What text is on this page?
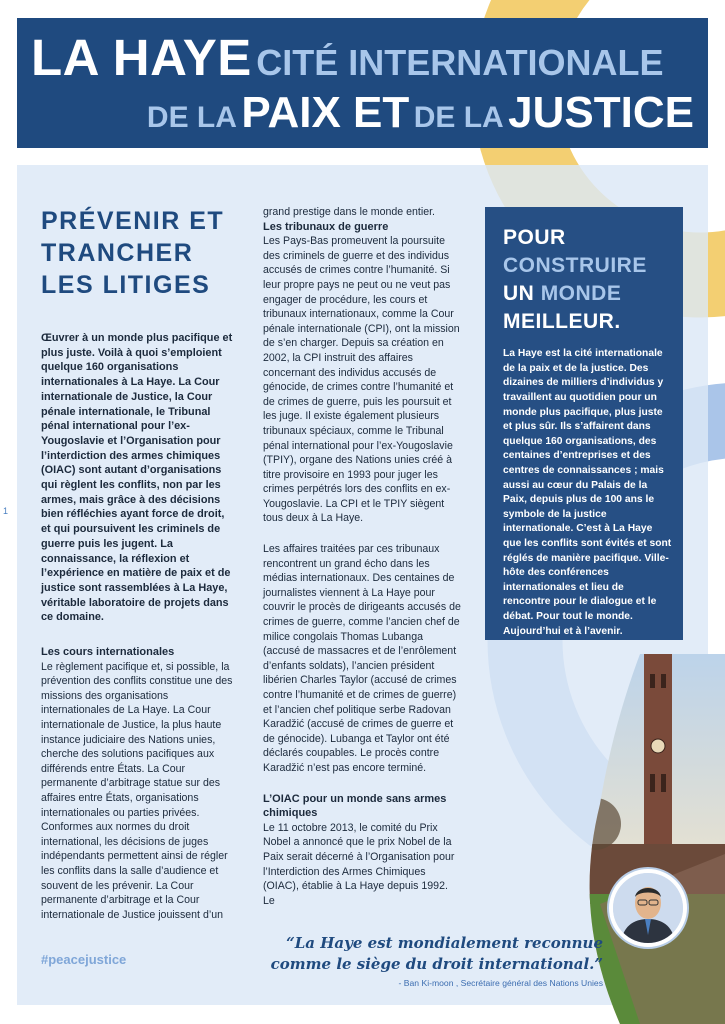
1
LA HAYE CITÉ INTERNATIONALE
DE LA PAIX ET DE LA JUSTICE
PRÉVENIR ET
TRANCHER
LES LITIGES

Œuvrer à un monde plus pacifique et plus juste. Voilà à quoi s’emploient quelque 160 organisations internationales à La Haye. La Cour internationale de Justice, la Cour pénale internationale, le Tribunal pénal international pour l’ex-Yougoslavie et l’Organisation pour l’interdiction des armes chimiques (OIAC) sont autant d’organisations qui règlent les conflits, non par les armes, mais grâce à des décisions bien réfléchies ayant force de droit, et qui poursuivent les criminels de guerre puis les jugent. La connaissance, la réflexion et l’expérience en matière de paix et de justice sont rassemblées à La Haye, véritable laboratoire de projets dans ce domaine.

Les cours internationales

Le règlement pacifique et, si possible, la prévention des conflits constitue une des missions des organisations internationales de La Haye. La Cour internationale de Justice, la plus haute instance judiciaire des Nations unies, cherche des solutions pacifiques aux différends entre États. La Cour permanente d’arbitrage statue sur des affaires entre États, organisations internationales ou parties privées. Conformes aux normes du droit international, les décisions de juges indépendants permettent ainsi de régler les conflits dans la salle d’audience et souvent de les prévenir. La Cour permanente d’arbitrage et la Cour internationale de Justice jouissent d’un

grand prestige dans le monde entier.

Les tribunaux de guerre

Les Pays-Bas promeuvent la poursuite des criminels de guerre et des individus accusés de crimes contre l’humanité. Si leur propre pays ne peut ou ne veut pas engager de procédure, les cours et tribunaux internationaux, comme la Cour pénale internationale (CPI), ont la mission de s’en charger. Depuis sa création en 2002, la CPI instruit des affaires concernant des individus accusés de génocide, de crimes contre l’humanité et de crimes de guerre, puis les poursuit et les juge. Il existe également plusieurs tribunaux spéciaux, comme le Tribunal pénal international pour l’ex-Yougoslavie (TPIY), organe des Nations unies créé à titre provisoire en 1993 pour juger les crimes perpétrés lors des conflits en ex-Yougoslavie. La CPI et le TPIY siègent tous deux à La Haye.

Les affaires traitées par ces tribunaux rencontrent un grand écho dans les médias internationaux. Des centaines de journalistes viennent à La Haye pour couvrir le procès de dirigeants accusés de crimes de guerre, comme l’ancien chef de milice congolais Thomas Lubanga (accusé de massacres et de l’enrôlement d’enfants soldats), l’ancien président libérien Charles Taylor (accusé de crimes contre l’humanité et de crimes de guerre) et l’ancien chef politique serbe Radovan Karadžić (accusé de crimes de guerre et de génocide). Lubanga et Taylor ont été déclarés coupables. Le procès contre Karadžić n’est pas encore terminé.

L’OIAC pour un monde sans armes chimiques

Le 11 octobre 2013, le comité du Prix Nobel a annoncé que le prix Nobel de la Paix serait décerné à l’Organisation pour l’Interdiction des Armes Chimiques (OIAC), établie à La Haye depuis 1992. Le

POUR
CONSTRUIRE
UN MONDE
MEILLEUR.

La Haye est la cité internationale de la paix et de la justice. Des dizaines de milliers d’individus y travaillent au quotidien pour un monde plus pacifique, plus juste et plus sûr. Ils s’affairent dans quelque 160 organisations, des centaines d’entreprises et des centres de connaissances ; mais aussi au cœur du Palais de la Paix, depuis plus de 100 ans le symbole de la justice internationale. C’est à La Haye que les conflits sont évités et sont réglés de manière pacifique. Ville-hôte des conférences internationales et lieu de rencontre pour le dialogue et le débat. Pour tout le monde. Aujourd’hui et à l’avenir.

“La Haye est mondialement reconnue

comme le siège du droit international.”

- Ban Ki-moon , Secrétaire général des Nations Unies
#peacejustice
